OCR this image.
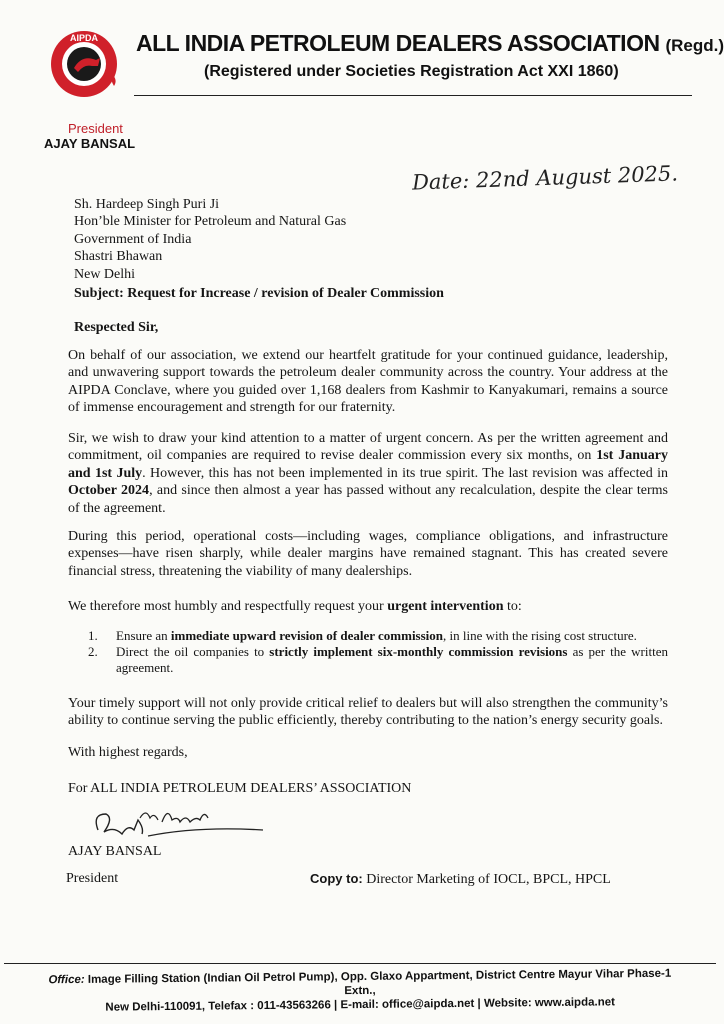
AIPDA ALL INDIA PETROLEUM DEALERS ASSOCIATION (Regd.)
(Registered under Societies Registration Act XXI 1860)
President
AJAY BANSAL
Date: 22nd August 2025.
Sh. Hardeep Singh Puri Ji
Hon’ble Minister for Petroleum and Natural Gas
Government of India
Shastri Bhawan
New Delhi
Subject: Request for Increase / revision of Dealer Commission
Respected Sir,

On behalf of our association, we extend our heartfelt gratitude for your continued guidance, leadership, and unwavering support towards the petroleum dealer community across the country. Your address at the AIPDA Conclave, where you guided over 1,168 dealers from Kashmir to Kanyakumari, remains a source of immense encouragement and strength for our fraternity.

Sir, we wish to draw your kind attention to a matter of urgent concern. As per the written agreement and commitment, oil companies are required to revise dealer commission every six months, on 1st January and 1st July. However, this has not been implemented in its true spirit. The last revision was affected in October 2024, and since then almost a year has passed without any recalculation, despite the clear terms of the agreement.

During this period, operational costs—including wages, compliance obligations, and infrastructure expenses—have risen sharply, while dealer margins have remained stagnant. This has created severe financial stress, threatening the viability of many dealerships.

We therefore most humbly and respectfully request your urgent intervention to:

1. Ensure an immediate upward revision of dealer commission, in line with the rising cost structure.
2. Direct the oil companies to strictly implement six-monthly commission revisions as per the written agreement.

Your timely support will not only provide critical relief to dealers but will also strengthen the community’s ability to continue serving the public efficiently, thereby contributing to the nation’s energy security goals.

With highest regards,
For ALL INDIA PETROLEUM DEALERS’ ASSOCIATION
AJAY BANSAL
President	Copy to: Director Marketing of IOCL, BPCL, HPCL
Office: Image Filling Station (Indian Oil Petrol Pump), Opp. Glaxo Appartment, District Centre Mayur Vihar Phase-1 Extn.,
New Delhi-110091, Telefax : 011-43563266 | E-mail: office@aipda.net | Website: www.aipda.net
